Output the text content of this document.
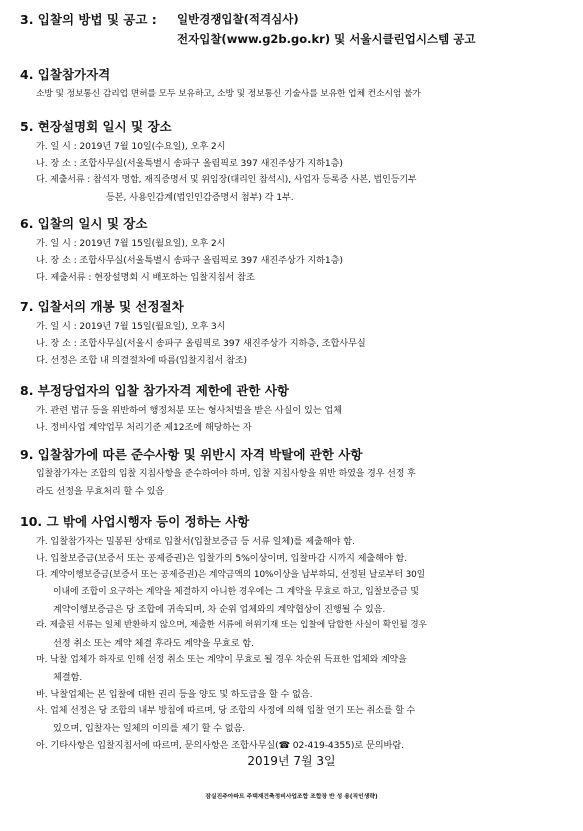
3. 입찰의 방법 및 공고 : 일반경쟁입찰(적격심사)
전자입찰(www.g2b.go.kr) 및 서울시클린업시스템 공고
4. 입찰참가자격
소방 및 정보통신 감리업 면허를 모두 보유하고, 소방 및 정보통신 기술사를 보유한 업체 컨소시엄 불가
5. 현장설명회 일시 및 장소
가. 일 시 : 2019년 7월 10일(수요일), 오후 2시
나. 장 소 : 조합사무실(서울특별시 송파구 올림픽로 397 새진주상가 지하1층)
다. 제출서류 : 참석자 명함, 재직증명서 및 위임장(대리인 참석시), 사업자 등록증 사본, 법인등기부
등본, 사용인감계(법인인감증명서 첨부) 각 1부.
6. 입찰의 일시 및 장소
가. 일 시 : 2019년 7월 15일(월요일), 오후 2시
나. 장 소 : 조합사무실(서울특별시 송파구 올림픽로 397 새진주상가 지하1층)
다. 제출서류 : 현장설명회 시 배포하는 입찰지침서 참조
7. 입찰서의 개봉 및 선정절차
가. 일 시 : 2019년 7월 15일(월요일), 오후 3시
나. 장 소 : 조합사무실(서울시 송파구 올림픽로 397 새진주상가 지하층, 조합사무실
다. 선정은 조합 내 의결절차에 따름(입찰지침서 참조)
8. 부정당업자의 입찰 참가자격 제한에 관한 사항
가. 관련 법규 등을 위반하여 행정처분 또는 형사처벌을 받은 사실이 있는 업체
나. 정비사업 계약업무 처리기준 제12조에 해당하는 자
9. 입찰참가에 따른 준수사항 및 위반시 자격 박탈에 관한 사항
입찰참가자는 조합의 입찰 지침사항을 준수하여야 하며, 입찰 지침사항을 위반 하였을 경우 선정 후
라도 선정을 무효처리 할 수 있음
10. 그 밖에 사업시행자 등이 정하는 사항
가. 입찰참가자는 밀봉된 상태로 입찰서(입찰보증금 등 서류 일체)를 제출해야 함.
나. 입찰보증금(보증서 또는 공제증권)은 입찰가의 5%이상이며, 입찰마감 시까지 제출해야 함.
다. 계약이행보증금(보증서 또는 공제증권)은 계약금액의 10%이상을 납부하되, 선정된 날로부터 30일
이내에 조합이 요구하는 계약을 체결하지 아니한 경우에는 그 계약을 무효로 하고, 입찰보증금 및
계약이행보증금은 당 조합에 귀속되며, 차 순위 업체와의 계약협상이 진행될 수 있음.
라. 제출된 서류는 일체 반환하지 않으며, 제출한 서류에 허위기재 또는 입찰에 담합한 사실이 확인될 경우
선정 취소 또는 계약 체결 후라도 계약을 무효로 함.
마. 낙찰 업체가 하자로 인해 선정 취소 또는 계약이 무효로 될 경우 차순위 득표한 업체와 계약을
체결함.
바. 낙찰업체는 본 입찰에 대한 권리 등을 양도 및 하도급을 할 수 없음.
사. 업체 선정은 당 조합의 내부 방침에 따르며, 당 조합의 사정에 의해 입찰 연기 또는 취소를 할 수
있으며, 입찰자는 일체의 이의를 제기 할 수 없음.
아. 기타사항은 입찰지침서에 따르며, 문의사항은 조합사무실(☎ 02-419-4355)로 문의바람.
2019년 7월 3일
잠실진주아파트 주택재건축정비사업조합 조합장 반 성 용(직인생략)
